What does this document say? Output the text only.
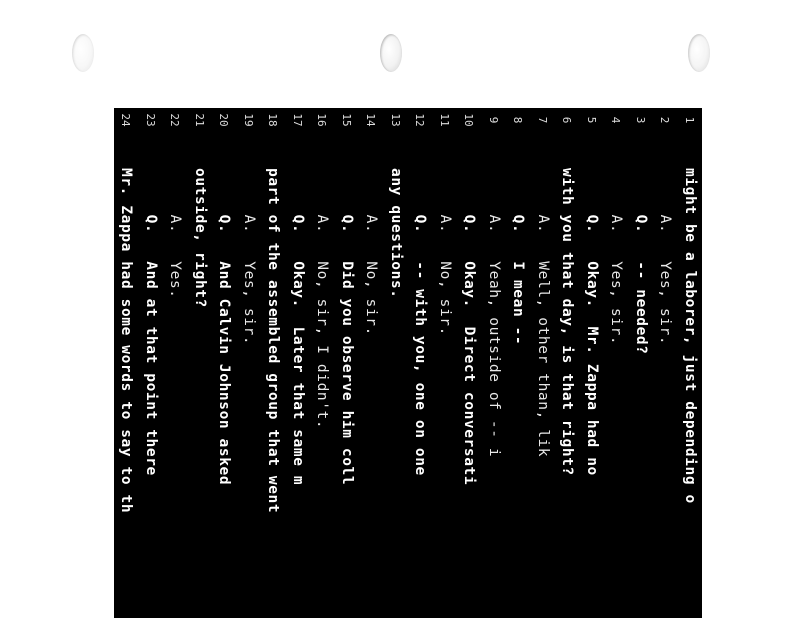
1
might be a laborer, just depending o
2
A.   Yes, sir.
3
Q.   -- needed?
4
A.   Yes, sir.
5
Q.   Okay.  Mr. Zappa had no
6
with you that day, is that right?
7
A.   Well, other than, lik
8
Q.   I mean --
9
A.   Yeah, outside of -- i
10
Q.   Okay.  Direct conversati
11
A.   No, sir.
12
Q.   -- with you, one on one
13
any questions.
14
A.   No, sir.
15
Q.   Did you observe him coll
16
A.   No, sir, I didn't.
17
Q.   Okay.  Later that same m
18
part of the assembled group that went
19
A.   Yes, sir.
20
Q.   And Calvin Johnson asked
21
outside, right?
22
A.   Yes.
23
Q.   And at that point there
24
Mr. Zappa had some words to say to th
